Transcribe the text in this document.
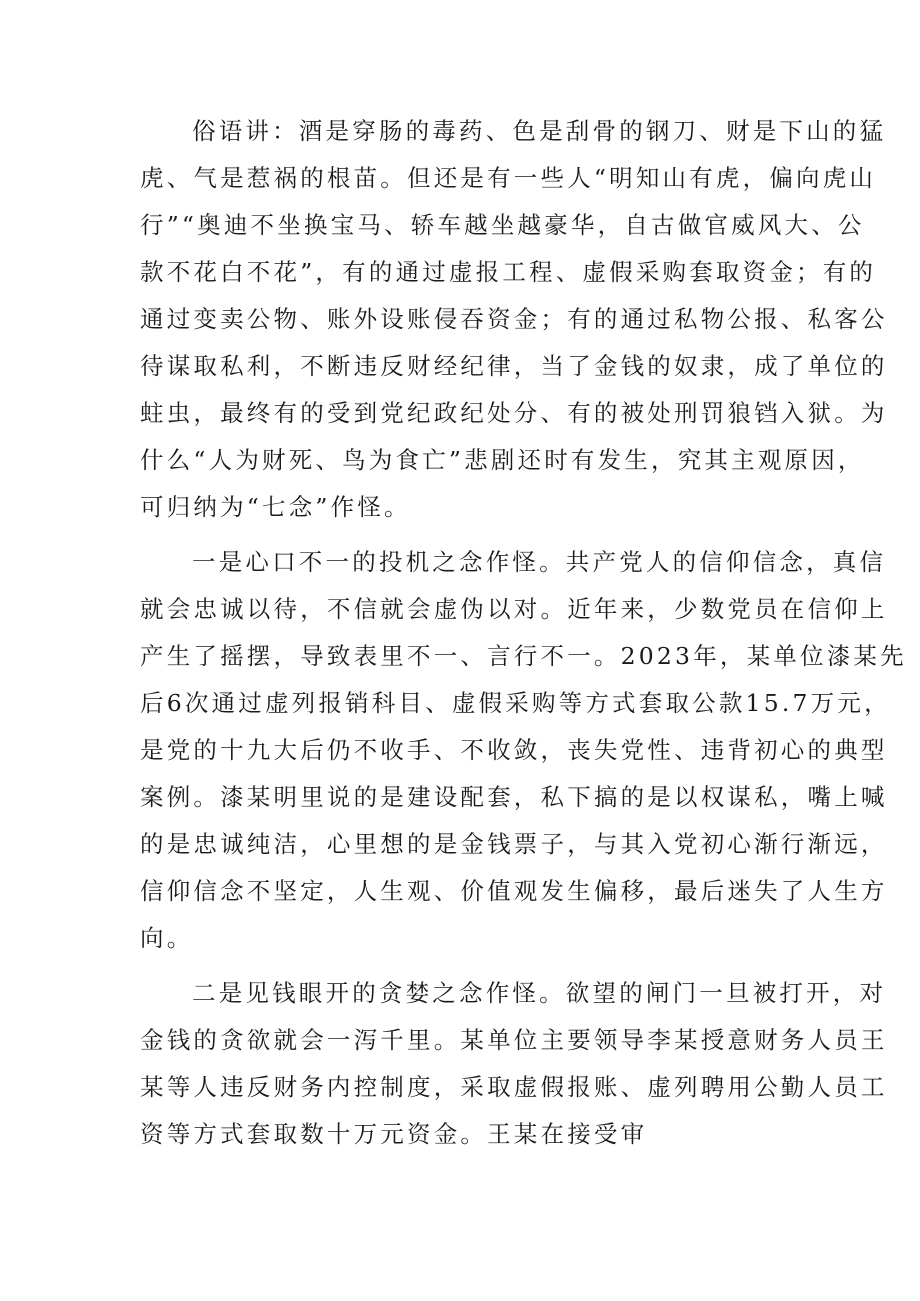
俗语讲：酒是穿肠的毒药、色是刮骨的钢刀、财是下山的猛
虎、气是惹祸的根苗。但还是有一些人“明知山有虎，偏向虎山
行”“奥迪不坐换宝马、轿车越坐越豪华，自古做官威风大、公
款不花白不花”，有的通过虚报工程、虚假采购套取资金；有的
通过变卖公物、账外设账侵吞资金；有的通过私物公报、私客公
待谋取私利，不断违反财经纪律，当了金钱的奴隶，成了单位的
蛀虫，最终有的受到党纪政纪处分、有的被处刑罚狼铛入狱。为
什么“人为财死、鸟为食亡”悲剧还时有发生，究其主观原因，
可归纳为“七念”作怪。
一是心口不一的投机之念作怪。共产党人的信仰信念，真信
就会忠诚以待，不信就会虚伪以对。近年来，少数党员在信仰上
产生了摇摆，导致表里不一、言行不一。2023年，某单位漆某先
后6次通过虚列报销科目、虚假采购等方式套取公款15.7万元，
是党的十九大后仍不收手、不收敛，丧失党性、违背初心的典型
案例。漆某明里说的是建设配套，私下搞的是以权谋私，嘴上喊
的是忠诚纯洁，心里想的是金钱票子，与其入党初心渐行渐远，
信仰信念不坚定，人生观、价值观发生偏移，最后迷失了人生方
向。
二是见钱眼开的贪婪之念作怪。欲望的闸门一旦被打开，对
金钱的贪欲就会一泻千里。某单位主要领导李某授意财务人员王
某等人违反财务内控制度，采取虚假报账、虚列聘用公勤人员工
资等方式套取数十万元资金。王某在接受审
